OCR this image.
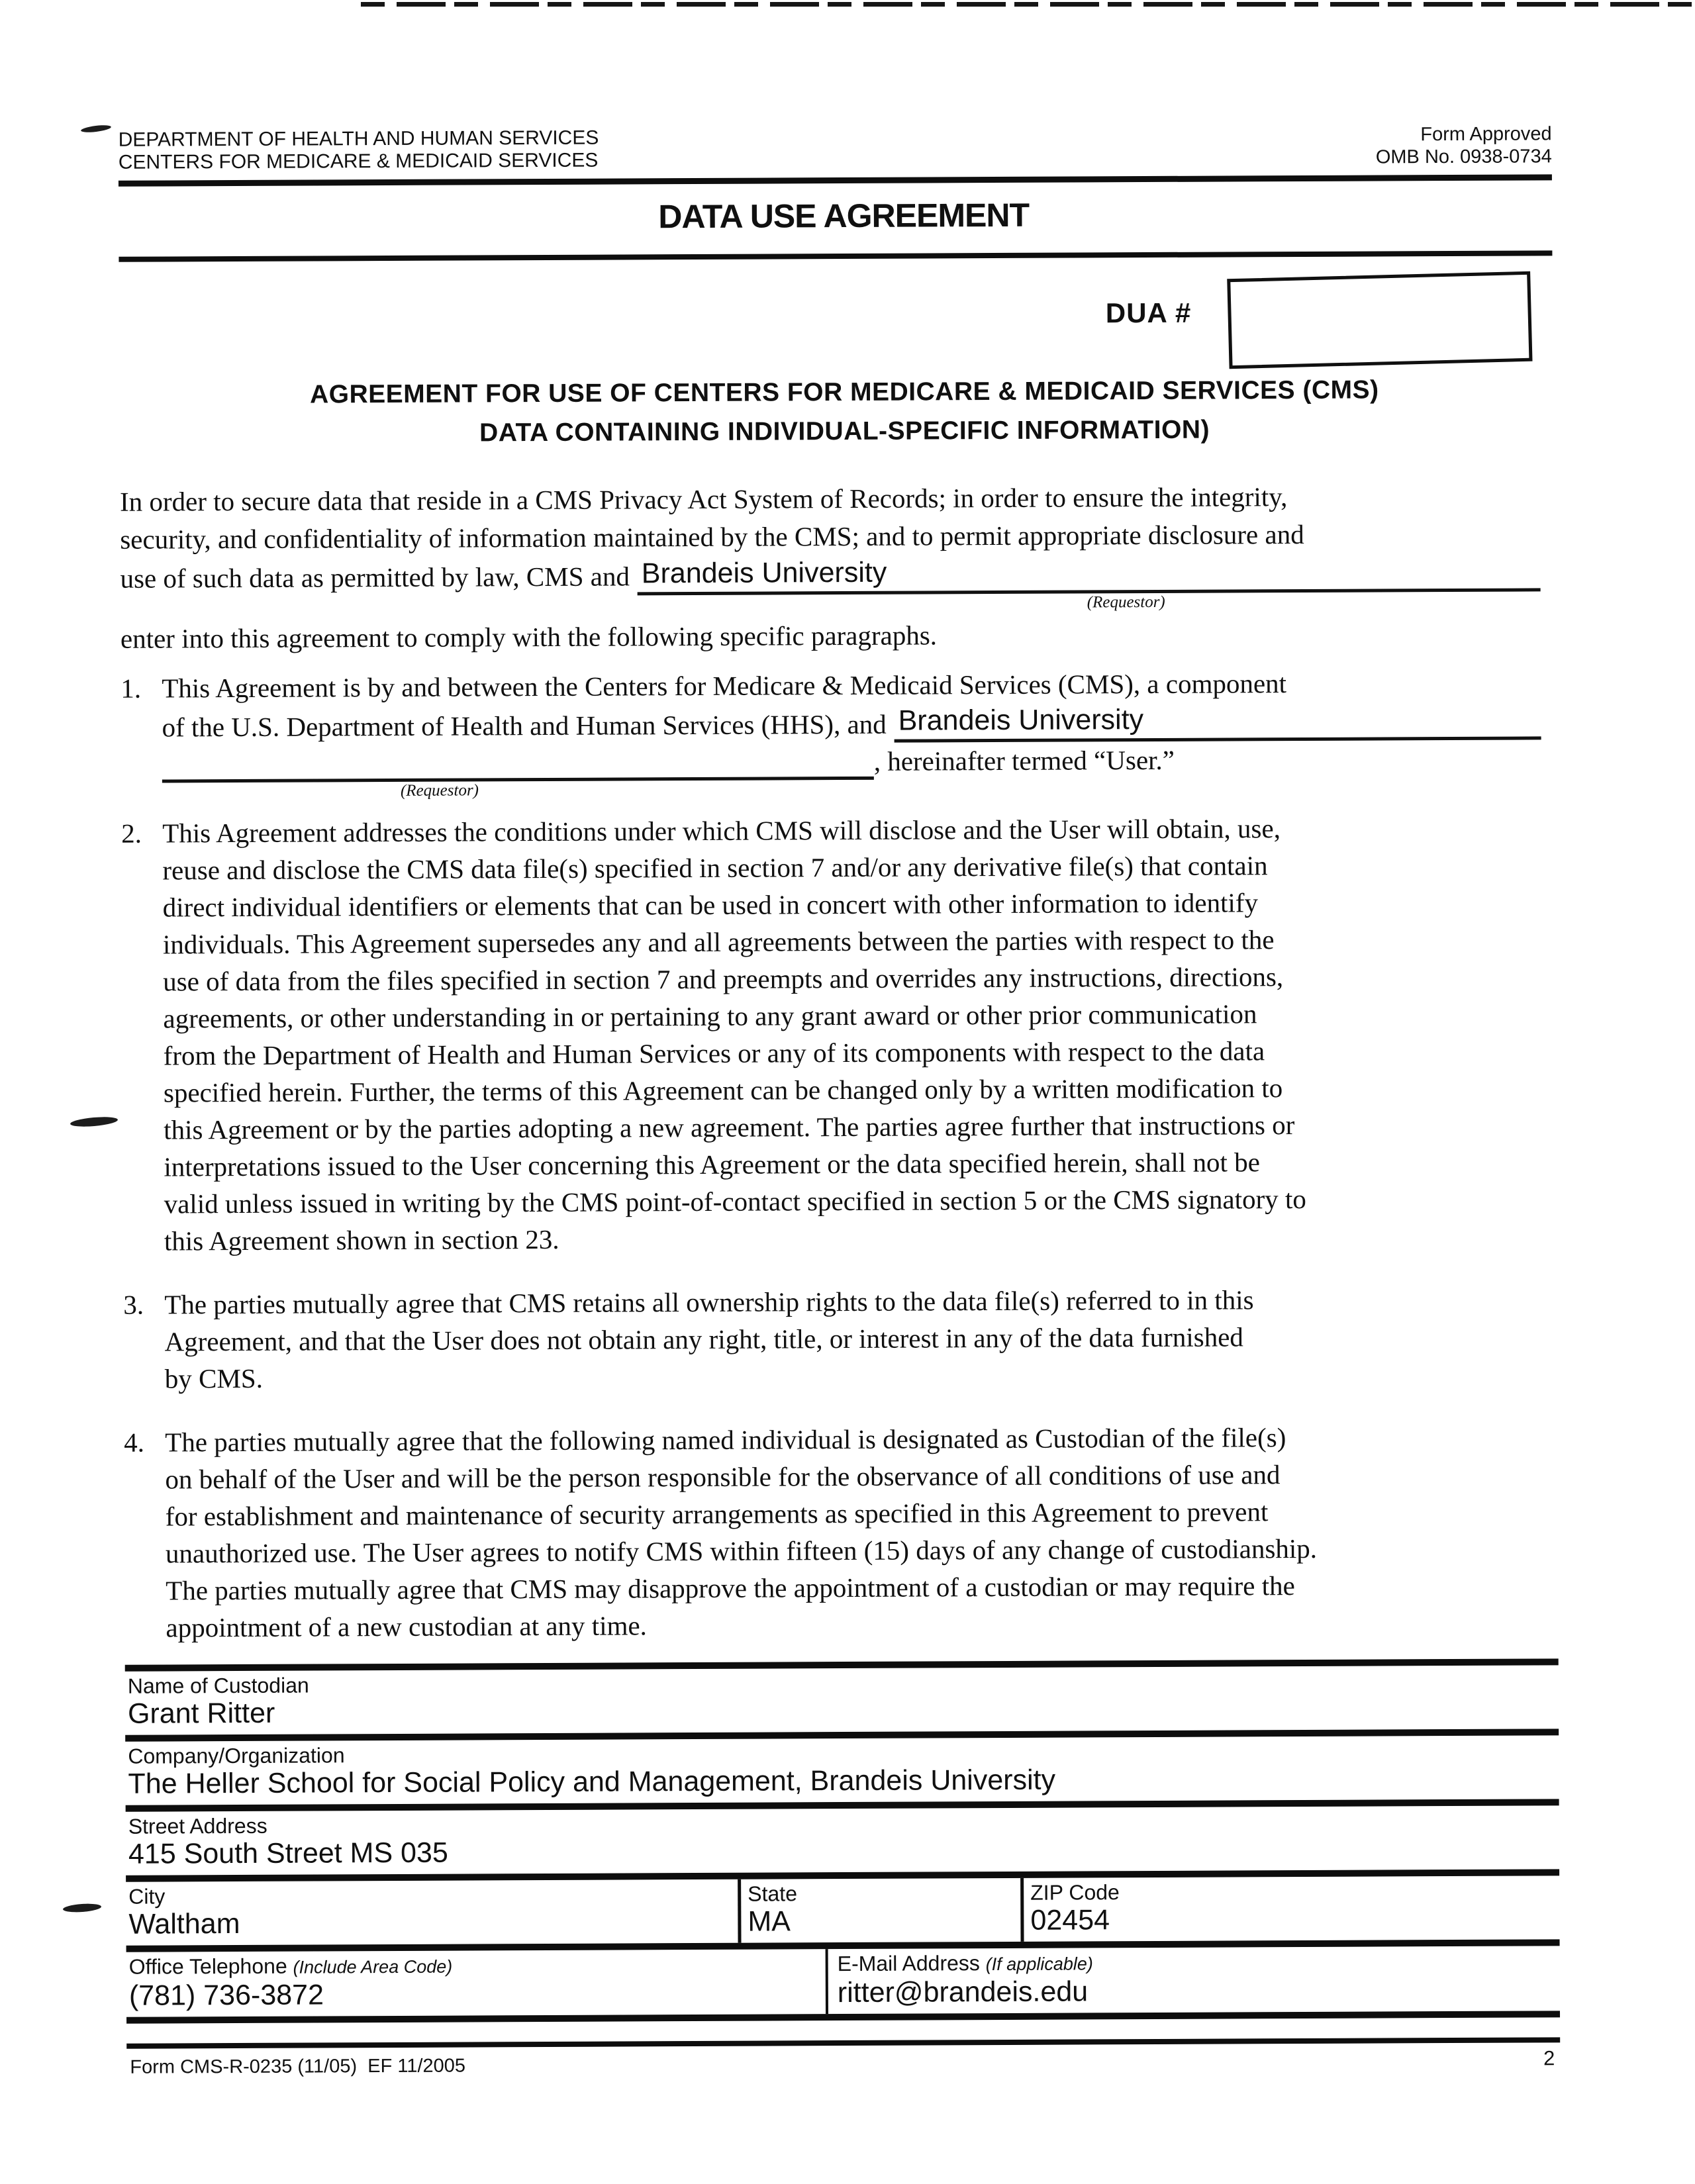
DEPARTMENT OF HEALTH AND HUMAN SERVICES
CENTERS FOR MEDICARE & MEDICAID SERVICES
Form Approved
OMB No. 0938-0734
DATA USE AGREEMENT
DUA #
AGREEMENT FOR USE OF CENTERS FOR MEDICARE & MEDICAID SERVICES (CMS)
DATA CONTAINING INDIVIDUAL-SPECIFIC INFORMATION)
In order to secure data that reside in a CMS Privacy Act System of Records; in order to ensure the integrity,
security, and confidentiality of information maintained by the CMS; and to permit appropriate disclosure and
use of such data as permitted by law, CMS and Brandeis University
(Requestor)
enter into this agreement to comply with the following specific paragraphs.
1. This Agreement is by and between the Centers for Medicare & Medicaid Services (CMS), a component
of the U.S. Department of Health and Human Services (HHS), and Brandeis University
, hereinafter termed “User.”
(Requestor)
2. This Agreement addresses the conditions under which CMS will disclose and the User will obtain, use,
reuse and disclose the CMS data file(s) specified in section 7 and/or any derivative file(s) that contain
direct individual identifiers or elements that can be used in concert with other information to identify
individuals. This Agreement supersedes any and all agreements between the parties with respect to the
use of data from the files specified in section 7 and preempts and overrides any instructions, directions,
agreements, or other understanding in or pertaining to any grant award or other prior communication
from the Department of Health and Human Services or any of its components with respect to the data
specified herein. Further, the terms of this Agreement can be changed only by a written modification to
this Agreement or by the parties adopting a new agreement. The parties agree further that instructions or
interpretations issued to the User concerning this Agreement or the data specified herein, shall not be
valid unless issued in writing by the CMS point-of-contact specified in section 5 or the CMS signatory to
this Agreement shown in section 23.
3. The parties mutually agree that CMS retains all ownership rights to the data file(s) referred to in this
Agreement, and that the User does not obtain any right, title, or interest in any of the data furnished
by CMS.
4. The parties mutually agree that the following named individual is designated as Custodian of the file(s)
on behalf of the User and will be the person responsible for the observance of all conditions of use and
for establishment and maintenance of security arrangements as specified in this Agreement to prevent
unauthorized use. The User agrees to notify CMS within fifteen (15) days of any change of custodianship.
The parties mutually agree that CMS may disapprove the appointment of a custodian or may require the
appointment of a new custodian at any time.
Name of Custodian
Grant Ritter
Company/Organization
The Heller School for Social Policy and Management, Brandeis University
Street Address
415 South Street MS 035
City
Waltham
State
MA
ZIP Code
02454
Office Telephone (Include Area Code)
(781) 736-3872
E-Mail Address (If applicable)
ritter@brandeis.edu
Form CMS-R-0235 (11/05)  EF 11/2005	2
